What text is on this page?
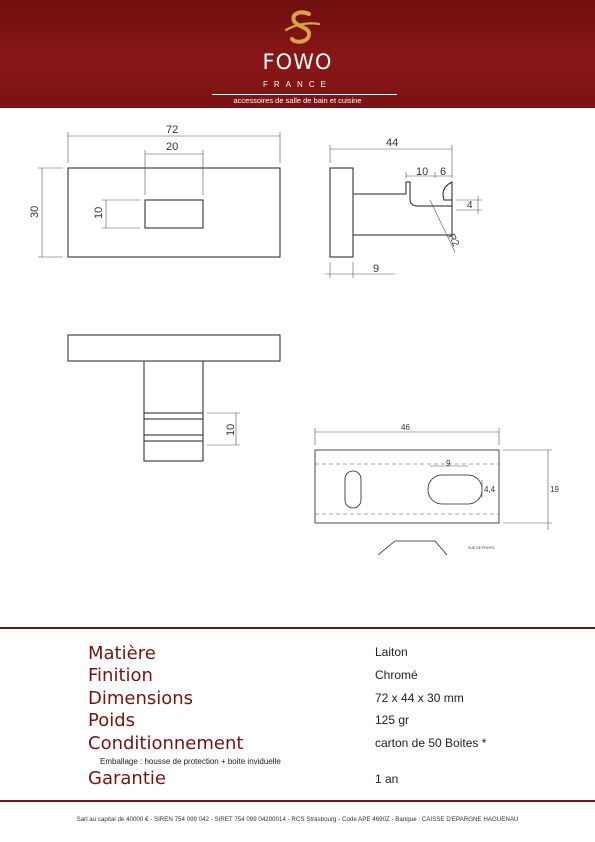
FOWO
FRANCE
accessoires de salle de bain et cuisine
72
20
30	10
44
10 6
4
R2
9
10	46
19
9
4,4
VUE DE PROFIL
Matière	Laiton
Finition	Chromé
Dimensions	72 x 44 x 30 mm
Poids	125 gr
Conditionnement	carton de 50 Boites *
Emballage : housse de protection + boite inviduelle
Garantie	1 an
Sarl au capital de 40000 € - SIREN 754 099 042 - SIRET 754 099 04200014 - RCS Strasbourg - Code APE 4690Z - Banque : CAISSE D'EPARGNE HAGUENAU
